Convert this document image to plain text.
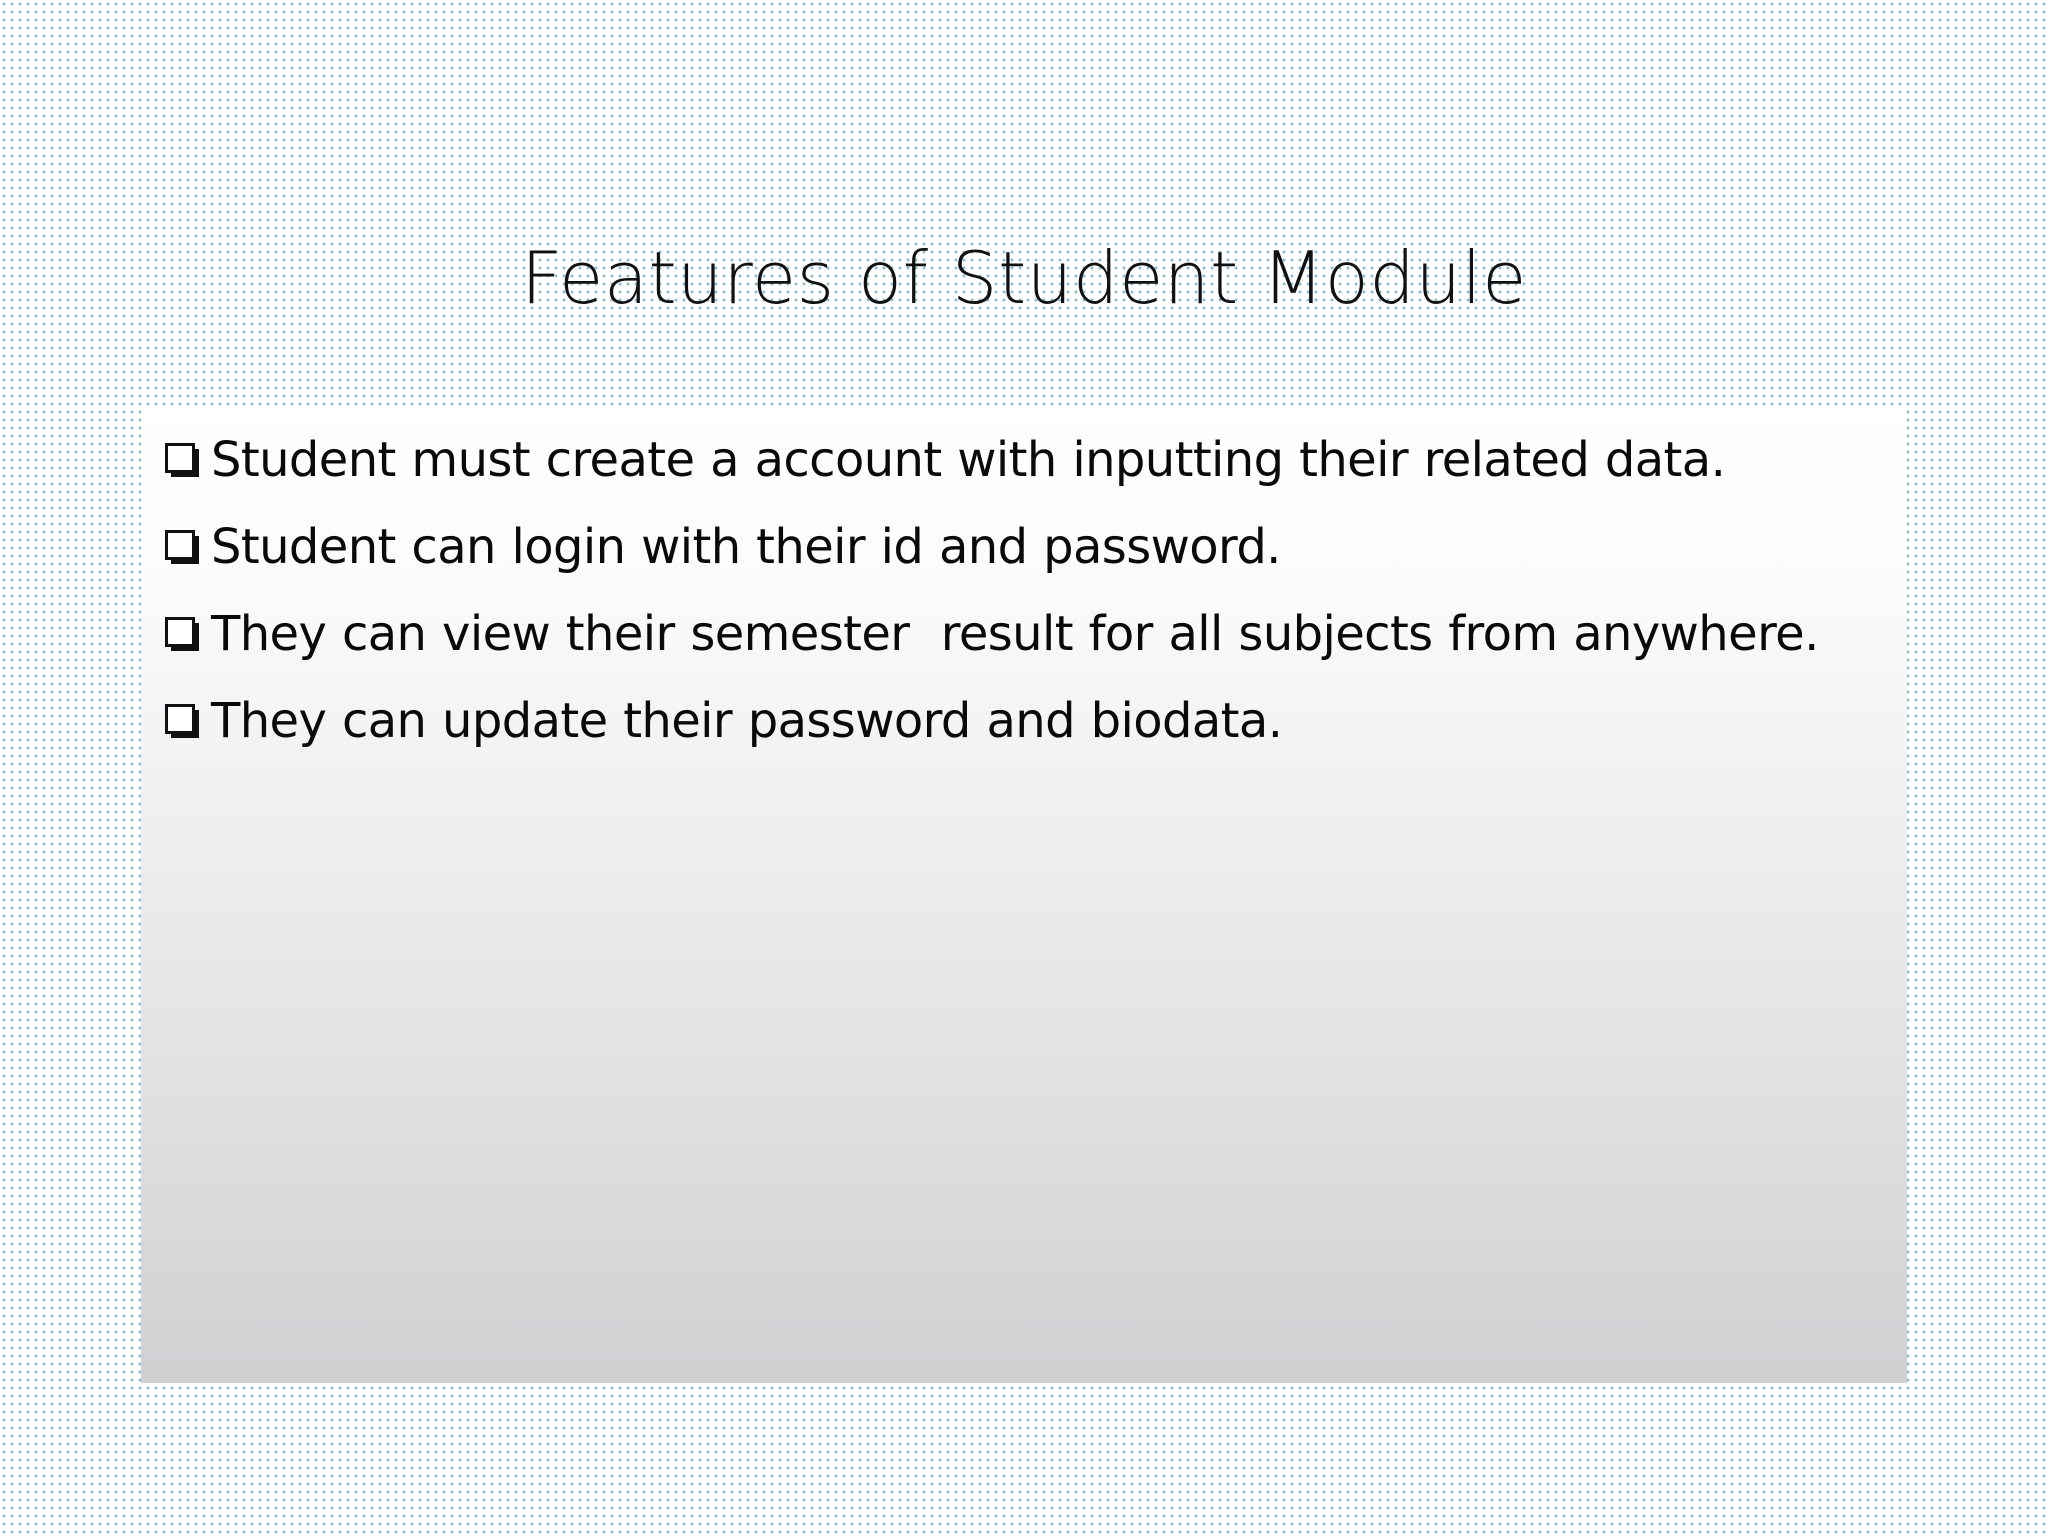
Features of Student Module
Student must create a account with inputting their related data.
Student can login with their id and password.
They can view their semester  result for all subjects from anywhere.
They can update their password and biodata.
